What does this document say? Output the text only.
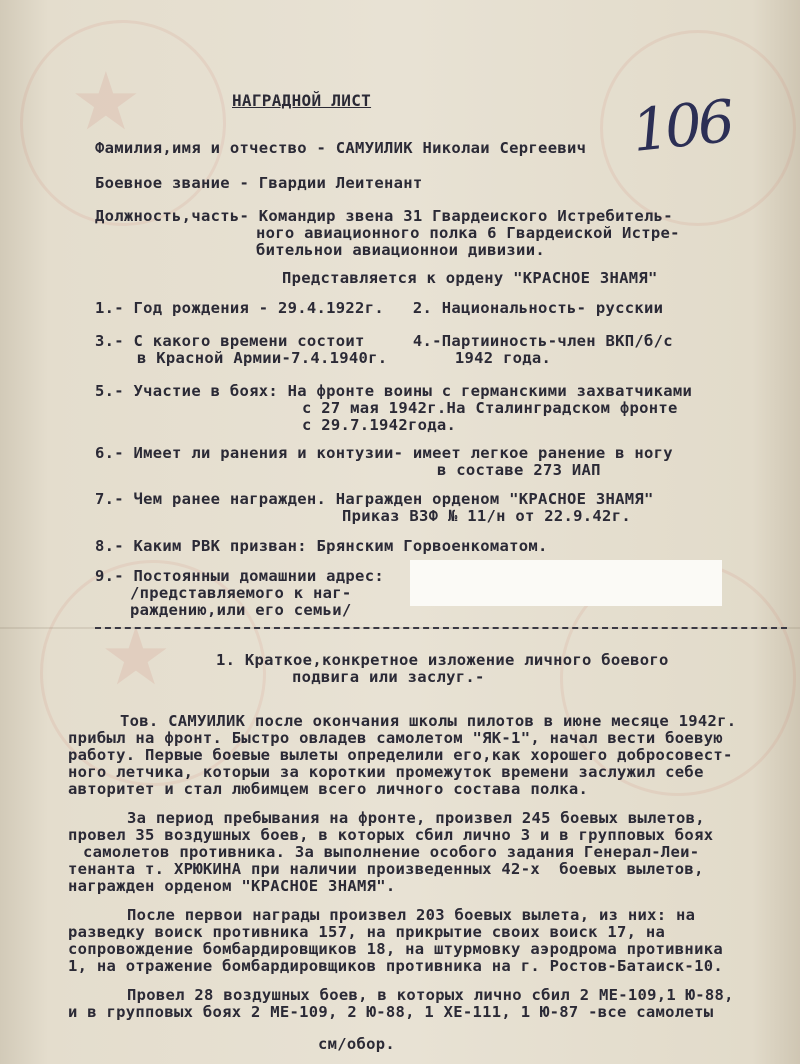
★
★
НАГРАДНОЙ ЛИСТ	106
Фамилия,имя и отчество - САМУИЛИК Николаи Сергеевич
Боевное звание - Гвардии Леитенант
Должность,часть- Командир звена 31 Гвардеиского Истребитель-
ного авиационного полка 6 Гвардеиской Истре-
бительнои авиационнои дивизии.
Представляется к ордену "КРАСНОЕ ЗНАМЯ"
1.- Год рождения - 29.4.1922г.   2. Национальность- русскии
3.- С какого времени состоит     4.-Партииность-член ВКП/б/с
в Красной Армии-7.4.1940г.       1942 года.
5.- Участие в боях: На фронте воины с германскими захватчиками
с 27 мая 1942г.На Сталинградском фронте
с 29.7.1942года.
6.- Имеет ли ранения и контузии- имеет легкое ранение в ногу
в составе 273 ИАП
7.- Чем ранее награжден. Награжден орденом "КРАСНОЕ ЗНАМЯ"
Приказ ВЗФ № 11/н от 22.9.42г.
8.- Каким РВК призван: Брянским Горвоенкоматом.
9.- Постоянныи домашнии адрес:
/представляемого к наг-
раждению,или его семьи/
1. Краткое,конкретное изложение личного боевого
подвига или заслуг.-
Тов. САМУИЛИК после окончания школы пилотов в июне месяце 1942г.
прибыл на фронт. Быстро овладев самолетом "ЯК-1", начал вести боевую
работу. Первые боевые вылеты определили его,как хорошего добросовест-
ного летчика, которыи за короткии промежуток времени заслужил себе
авторитет и стал любимцем всего личного состава полка.
За период пребывания на фронте, произвел 245 боевых вылетов,
провел 35 воздушных боев, в которых сбил лично 3 и в групповых боях
самолетов противника. За выполнение особого задания Генерал-Леи-
тенанта т. ХРЮКИНА при наличии произведенных 42-х  боевых вылетов,
награжден орденом "КРАСНОЕ ЗНАМЯ".
После первои награды произвел 203 боевых вылета, из них: на
разведку воиск противника 157, на прикрытие своих воиск 17, на
сопровождение бомбардировщиков 18, на штурмовку аэродрома противника
1, на отражение бомбардировщиков противника на г. Ростов-Батаиск-10.
Провел 28 воздушных боев, в которых лично сбил 2 МЕ-109,1 Ю-88,
и в групповых боях 2 МЕ-109, 2 Ю-88, 1 ХЕ-111, 1 Ю-87 -все самолеты
см/обор.
